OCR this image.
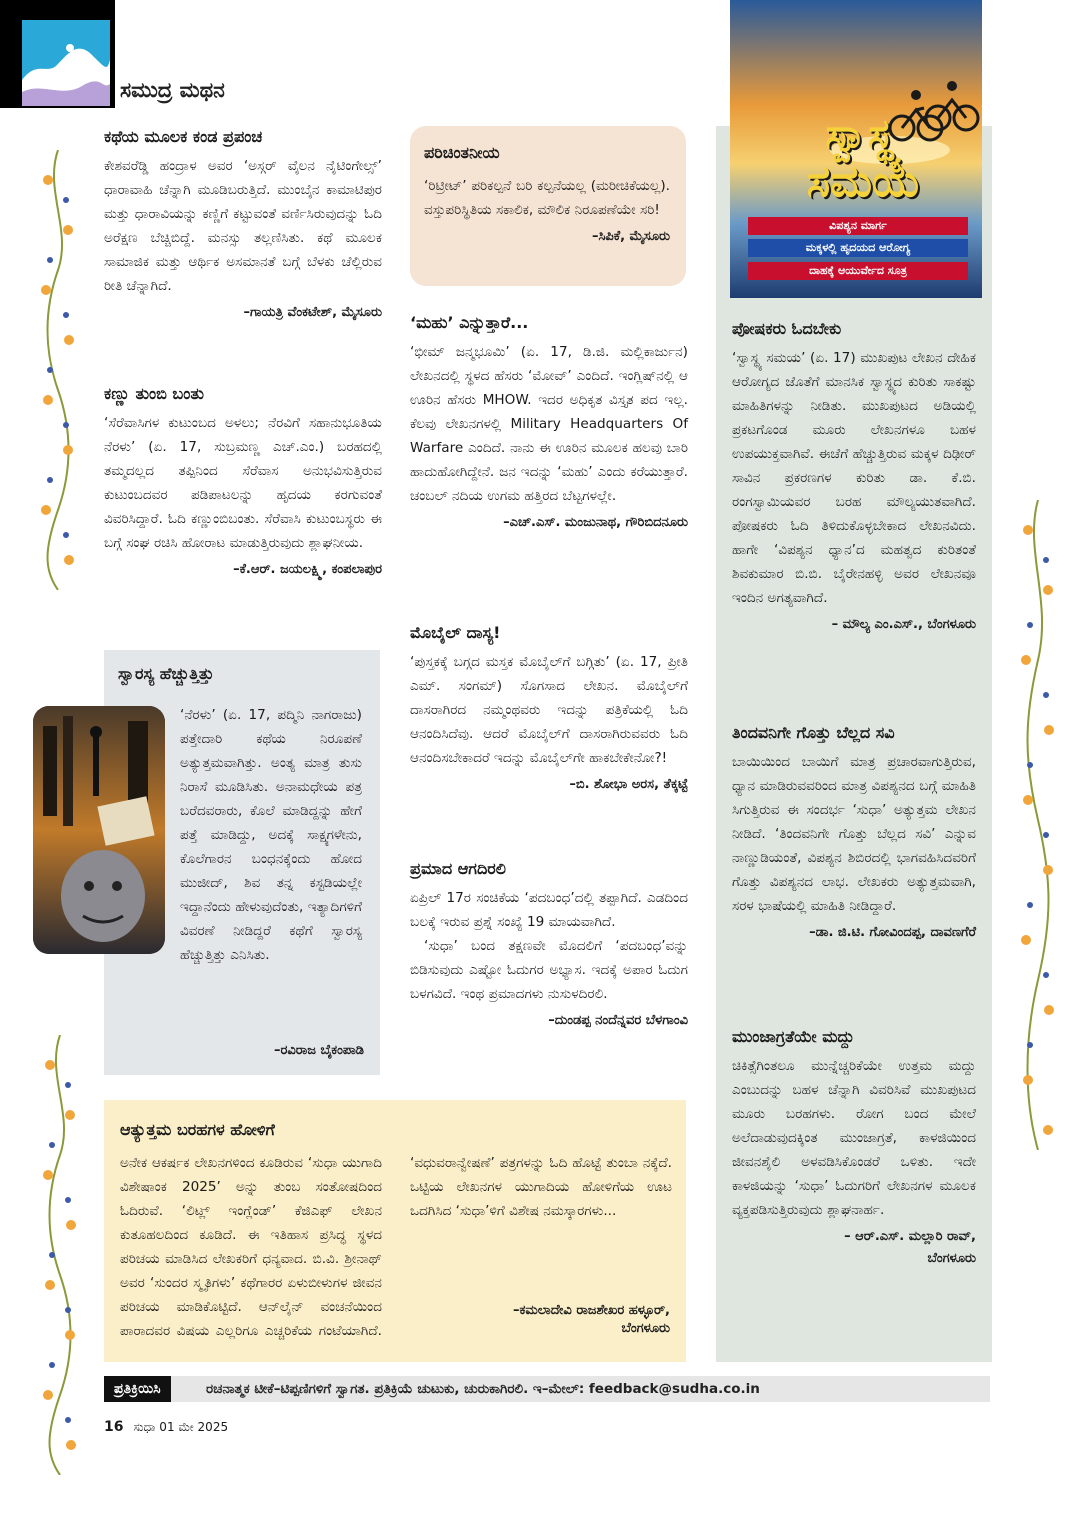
ಸಮುದ್ರ ಮಥನ
ಕಥೆಯ ಮೂಲಕ ಕಂಡ ಪ್ರಪಂಚ
ಕೇಶವರೆಡ್ಡಿ ಹಂದ್ರಾಳ ಅವರ ‘ಅಸ್ಗರ್ ವೈಲನ ನೈಟಿಂಗೇಲ್ಸ್’ ಧಾರಾವಾಹಿ ಚೆನ್ನಾಗಿ ಮೂಡಿಬರುತ್ತಿದೆ. ಮುಂಬೈನ ಕಾಮಾಟಿಪುರ ಮತ್ತು ಧಾರಾವಿಯನ್ನು ಕಣ್ಣಿಗೆ ಕಟ್ಟುವಂತೆ ವರ್ಣಿಸಿರುವುದನ್ನು ಓದಿ ಅರೆಕ್ಷಣ ಬೆಚ್ಚಿಬಿದ್ದೆ. ಮನಸ್ಸು ತಲ್ಲಣಿಸಿತು. ಕಥೆ ಮೂಲಕ ಸಾಮಾಜಿಕ ಮತ್ತು ಆರ್ಥಿಕ ಅಸಮಾನತೆ ಬಗ್ಗೆ ಬೆಳಕು ಚೆಲ್ಲಿರುವ ರೀತಿ ಚೆನ್ನಾಗಿದೆ.
–ಗಾಯತ್ರಿ ವೆಂಕಟೇಶ್, ಮೈಸೂರು
ಕಣ್ಣು ತುಂಬಿ ಬಂತು
‘ಸೆರೆವಾಸಿಗಳ ಕುಟುಂಬದ ಅಳಲು; ನೆರವಿಗೆ ಸಹಾನುಭೂತಿಯ ನೆರಳು’ (ಏ. 17, ಸುಬ್ರಮಣ್ಣ ಎಚ್.ಎಂ.) ಬರಹದಲ್ಲಿ ತಮ್ಮದಲ್ಲದ ತಪ್ಪಿನಿಂದ ಸೆರೆವಾಸ ಅನುಭವಿಸುತ್ತಿರುವ ಕುಟುಂಬದವರ ಪಡಿಪಾಟಲನ್ನು ಹೃದಯ ಕರಗುವಂತೆ ವಿವರಿಸಿದ್ದಾರೆ. ಓದಿ ಕಣ್ಣುಂಬಿಬಂತು. ಸೆರೆವಾಸಿ ಕುಟುಂಬಸ್ಥರು ಈ ಬಗ್ಗೆ ಸಂಘ ರಚಿಸಿ ಹೋರಾಟ ಮಾಡುತ್ತಿರುವುದು ಶ್ಲಾಘನೀಯ.
–ಕೆ.ಆರ್. ಜಯಲಕ್ಷ್ಮಿ, ಕಂಪಲಾಪುರ
ಸ್ವಾರಸ್ಯ ಹೆಚ್ಚುತ್ತಿತ್ತು
‘ನೆರಳು’ (ಏ. 17, ಪದ್ಮಿನಿ ನಾಗರಾಜು) ಪತ್ತೇದಾರಿ ಕಥೆಯ ನಿರೂಪಣೆ ಅತ್ಯುತ್ತಮವಾಗಿತ್ತು. ಅಂತ್ಯ ಮಾತ್ರ ತುಸು ನಿರಾಸೆ ಮೂಡಿಸಿತು. ಅನಾಮಧೇಯ ಪತ್ರ ಬರೆದವರಾರು, ಕೊಲೆ ಮಾಡಿದ್ದನ್ನು ಹೇಗೆ ಪತ್ತೆ ಮಾಡಿದ್ದು, ಅದಕ್ಕೆ ಸಾಕ್ಷ್ಯಗಳೇನು, ಕೊಲೆಗಾರನ ಬಂಧನಕ್ಕೆಂದು ಹೋದ ಮುಜೀದ್, ಶಿವ ತನ್ನ ಕಸ್ಟಡಿಯಲ್ಲೇ ಇದ್ದಾನೆಂದು ಹೇಳುವುದೆಂತು, ಇತ್ಯಾದಿಗಳಿಗೆ ವಿವರಣೆ ನೀಡಿದ್ದರೆ ಕಥೆಗೆ ಸ್ವಾರಸ್ಯ ಹೆಚ್ಚುತ್ತಿತ್ತು ಎನಿಸಿತು.
–ರವಿರಾಜ ಬೈಕಂಪಾಡಿ
ಪರಿಚಿಂತನೀಯ
‘ರಿಟ್ರೀಟ್’ ಪರಿಕಲ್ಪನೆ ಬರಿ ಕಲ್ಪನೆಯಲ್ಲ (ಮರೀಚಿಕೆಯಲ್ಲ). ವಸ್ತುಪರಿಸ್ಥಿತಿಯ ಸಕಾಲಿಕ, ಮೌಲಿಕ ನಿರೂಪಣೆಯೇ ಸರಿ!
–ಸಿಪಿಕೆ, ಮೈಸೂರು
‘ಮಹು’ ಎನ್ನುತ್ತಾರೆ...
‘ಭೀಮ್ ಜನ್ಮಭೂಮಿ’ (ಏ. 17, ಡಿ.ಜಿ. ಮಲ್ಲಿಕಾರ್ಜುನ) ಲೇಖನದಲ್ಲಿ ಸ್ಥಳದ ಹೆಸರು ‘ಮೋವ್’ ಎಂದಿದೆ. ಇಂಗ್ಲಿಷ್‌ನಲ್ಲಿ ಆ ಊರಿನ ಹೆಸರು MHOW. ಇದರ ಅಧಿಕೃತ ವಿಸ್ತೃತ ಪದ ಇಲ್ಲ. ಕೆಲವು ಲೇಖನಗಳಲ್ಲಿ Military Headquarters Of Warfare ಎಂದಿದೆ. ನಾನು ಈ ಊರಿನ ಮೂಲಕ ಹಲವು ಬಾರಿ ಹಾದುಹೋಗಿದ್ದೇನೆ. ಜನ ಇದನ್ನು ‘ಮಹು’ ಎಂದು ಕರೆಯುತ್ತಾರೆ. ಚಂಬಲ್ ನದಿಯ ಉಗಮ ಹತ್ತಿರದ ಬೆಟ್ಟಗಳಲ್ಲೇ.
–ಎಚ್.ಎಸ್. ಮಂಜುನಾಥ, ಗೌರಿಬಿದನೂರು
ಮೊಬೈಲ್ ದಾಸ್ಯ!
‘ಪುಸ್ತಕಕ್ಕೆ ಬಗ್ಗದ ಮಸ್ತಕ ಮೊಬೈಲ್‌ಗೆ ಬಗ್ಗಿತು’ (ಏ. 17, ಪ್ರೀತಿ ಎಮ್. ಸಂಗಮ್) ಸೊಗಸಾದ ಲೇಖನ. ಮೊಬೈಲ್‌ಗೆ ದಾಸರಾಗಿರದ ನಮ್ಮಂಥವರು ಇದನ್ನು ಪತ್ರಿಕೆಯಲ್ಲಿ ಓದಿ ಆನಂದಿಸಿದೆವು. ಆದರೆ ಮೊಬೈಲ್‌ಗೆ ದಾಸರಾಗಿರುವವರು ಓದಿ ಆನಂದಿಸಬೇಕಾದರೆ ಇದನ್ನು ಮೊಬೈಲ್‌ಗೇ ಹಾಕಬೇಕೇನೋ?!
–ಬಿ. ಶೋಭಾ ಅರಸ, ತೆಕ್ಕಟ್ಟೆ
ಪ್ರಮಾದ ಆಗದಿರಲಿ
ಏಪ್ರಿಲ್ 17ರ ಸಂಚಿಕೆಯ ‘ಪದಬಂಧ’ದಲ್ಲಿ ತಪ್ಪಾಗಿದೆ. ಎಡದಿಂದ ಬಲಕ್ಕೆ ಇರುವ ಪ್ರಶ್ನೆ ಸಂಖ್ಯೆ 19 ಮಾಯವಾಗಿದೆ.
‘ಸುಧಾ’ ಬಂದ ತಕ್ಷಣವೇ ಮೊದಲಿಗೆ ‘ಪದಬಂಧ’ವನ್ನು ಬಿಡಿಸುವುದು ಎಷ್ಟೋ ಓದುಗರ ಅಭ್ಯಾಸ. ಇದಕ್ಕೆ ಅಪಾರ ಓದುಗ ಬಳಗವಿದೆ. ಇಂಥ ಪ್ರಮಾದಗಳು ನುಸುಳದಿರಲಿ.
–ದುಂಡಪ್ಪ ನಂದೆನ್ನವರ ಬೆಳಗಾಂವಿ
ಆತ್ಯುತ್ತಮ ಬರಹಗಳ ಹೋಳಿಗೆ
ಅನೇಕ ಆಕರ್ಷಕ ಲೇಖನಗಳಿಂದ ಕೂಡಿರುವ ‘ಸುಧಾ ಯುಗಾದಿ ವಿಶೇಷಾಂಕ 2025’ ಅನ್ನು ತುಂಬ ಸಂತೋಷದಿಂದ ಓದಿರುವೆ. ‘ಲಿಟ್ಲ್ ಇಂಗ್ಲೆಂಡ್’ ಕೆಜಿಎಫ್ ಲೇಖನ ಕುತೂಹಲದಿಂದ ಕೂಡಿದೆ. ಈ ಇತಿಹಾಸ ಪ್ರಸಿದ್ಧ ಸ್ಥಳದ ಪರಿಚಯ ಮಾಡಿಸಿದ ಲೇಖಕರಿಗೆ ಧನ್ಯವಾದ. ಬಿ.ವಿ. ಶ್ರೀನಾಥ್ ಅವರ ‘ಸುಂದರ ಸ್ಮೃತಿಗಳು’ ಕಥೆಗಾರರ ಏಳುಬೀಳುಗಳ ಜೀವನ ಪರಿಚಯ ಮಾಡಿಕೊಟ್ಟಿದೆ. ಆನ್‌ಲೈನ್ ವಂಚನೆಯಿಂದ ಪಾರಾದವರ ವಿಷಯ ಎಲ್ಲರಿಗೂ ಎಚ್ಚರಿಕೆಯ ಗಂಟೆಯಾಗಿದೆ. ‘ವಧುವರಾನ್ವೇಷಣೆ’ ಪತ್ರಗಳನ್ನು ಓದಿ ಹೊಟ್ಟೆ ತುಂಬಾ ನಕ್ಕೆದೆ. ಒಟ್ಟಿಯ ಲೇಖನಗಳ ಯುಗಾದಿಯ ಹೋಳಿಗೆಯ ಊಟ ಒದಗಿಸಿದ ‘ಸುಧಾ’ಳಿಗೆ ವಿಶೇಷ ನಮಸ್ಕಾರಗಳು...
–ಕಮಲಾದೇವಿ ರಾಜಶೇಖರ ಹಳ್ಳೂರ್,
ಬೆಂಗಳೂರು
ಸ್ವಾಸ್ಥ್ಯ
ಸಮಯ
ವಿಪಶ್ಯನ ಮಾರ್ಗ
ಮಕ್ಕಳಲ್ಲಿ ಹೃದಯದ ಆರೋಗ್ಯ
ದಾಹಕ್ಕೆ ಆಯುರ್ವೇದ ಸೂತ್ರ
ಪೋಷಕರು ಓದಬೇಕು
‘ಸ್ವಾಸ್ಥ್ಯ ಸಮಯ’ (ಏ. 17) ಮುಖಪುಟ ಲೇಖನ ದೇಹಿಕ ಆರೋಗ್ಯದ ಜೊತೆಗೆ ಮಾನಸಿಕ ಸ್ವಾಸ್ಥ್ಯದ ಕುರಿತು ಸಾಕಷ್ಟು ಮಾಹಿತಿಗಳನ್ನು ನೀಡಿತು. ಮುಖಪುಟದ ಅಡಿಯಲ್ಲಿ ಪ್ರಕಟಗೊಂಡ ಮೂರು ಲೇಖನಗಳೂ ಬಹಳ ಉಪಯುಕ್ತವಾಗಿವೆ. ಈಚೆಗೆ ಹೆಚ್ಚುತ್ತಿರುವ ಮಕ್ಕಳ ದಿಢೀರ್ ಸಾವಿನ ಪ್ರಕರಣಗಳ ಕುರಿತು ಡಾ. ಕೆ.ಬಿ. ರಂಗಸ್ವಾಮಿಯವರ ಬರಹ ಮೌಲ್ಯಯುತವಾಗಿದೆ. ಪೋಷಕರು ಓದಿ ತಿಳಿದುಕೊಳ್ಳಬೇಕಾದ ಲೇಖನವಿದು. ಹಾಗೇ ‘ವಿಪಶ್ಯನ ಧ್ಯಾನ’ದ ಮಹತ್ವದ ಕುರಿತಂತೆ ಶಿವಕುಮಾರ ಬಿ.ಬಿ. ಬೈರೇನಹಳ್ಳಿ ಅವರ ಲೇಖನವೂ ಇಂದಿನ ಅಗತ್ಯವಾಗಿದೆ.
– ಮೌಲ್ಯ ಎಂ.ಎಸ್., ಬೆಂಗಳೂರು
ತಿಂದವನಿಗೇ ಗೊತ್ತು ಬೆಲ್ಲದ ಸವಿ
ಬಾಯಿಯಿಂದ ಬಾಯಿಗೆ ಮಾತ್ರ ಪ್ರಚಾರವಾಗುತ್ತಿರುವ, ಧ್ಯಾನ ಮಾಡಿರುವವರಿಂದ ಮಾತ್ರ ವಿಪಶ್ಯನದ ಬಗ್ಗೆ ಮಾಹಿತಿ ಸಿಗುತ್ತಿರುವ ಈ ಸಂದರ್ಭ ‘ಸುಧಾ’ ಅತ್ಯುತ್ತಮ ಲೇಖನ ನೀಡಿದೆ. ‘ತಿಂದವನಿಗೇ ಗೊತ್ತು ಬೆಲ್ಲದ ಸವಿ’ ಎನ್ನುವ ನಾಣ್ಣುಡಿಯಂತೆ, ವಿಪಶ್ಯನ ಶಿಬಿರದಲ್ಲಿ ಭಾಗವಹಿಸಿದವರಿಗೆ ಗೊತ್ತು ವಿಪಶ್ಯನದ ಲಾಭ. ಲೇಖಕರು ಅತ್ಯುತ್ತಮವಾಗಿ, ಸರಳ ಭಾಷೆಯಲ್ಲಿ ಮಾಹಿತಿ ನೀಡಿದ್ದಾರೆ.
–ಡಾ. ಜಿ.ಟಿ. ಗೋವಿಂದಪ್ಪ, ದಾವಣಗೆರೆ
ಮುಂಜಾಗ್ರತೆಯೇ ಮದ್ದು
ಚಿಕಿತ್ಸೆಗಿಂತಲೂ ಮುನ್ನೆಚ್ಚರಿಕೆಯೇ ಉತ್ತಮ ಮದ್ದು ಎಂಬುದನ್ನು ಬಹಳ ಚೆನ್ನಾಗಿ ವಿವರಿಸಿವೆ ಮುಖಪುಟದ ಮೂರು ಬರಹಗಳು. ರೋಗ ಬಂದ ಮೇಲೆ ಅಲೆದಾಡುವುದಕ್ಕಿಂತ ಮುಂಜಾಗ್ರತೆ, ಕಾಳಜಿಯಿಂದ ಜೀವನಶೈಲಿ ಅಳವಡಿಸಿಕೊಂಡರೆ ಒಳಿತು. ಇದೇ ಕಾಳಜಿಯನ್ನು ‘ಸುಧಾ’ ಓದುಗರಿಗೆ ಲೇಖನಗಳ ಮೂಲಕ ವ್ಯಕ್ತಪಡಿಸುತ್ತಿರುವುದು ಶ್ಲಾಘನಾರ್ಹ.
– ಆರ್.ಎಸ್. ಮಲ್ಲಾರಿ ರಾವ್,
ಬೆಂಗಳೂರು
ಪ್ರತಿಕ್ರಿಯಿಸಿ	ರಚನಾತ್ಮಕ ಟೀಕೆ–ಟಿಪ್ಪಣಿಗಳಿಗೆ ಸ್ವಾಗತ. ಪ್ರತಿಕ್ರಿಯೆ ಚುಟುಕು, ಚುರುಕಾಗಿರಲಿ. ಇ–ಮೇಲ್: feedback@sudha.co.in
16 ಸುಧಾ 01 ಮೇ 2025
